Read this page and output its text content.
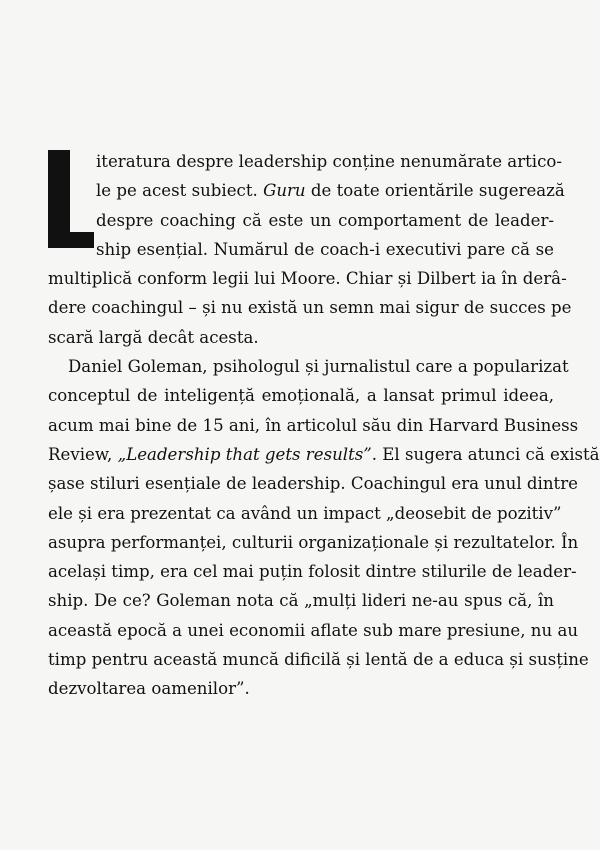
iteratura despre leadership conține nenumărate artico-
le pe acest subiect. Guru de toate orientările sugerează
despre coaching că este un comportament de leader-
ship esențial. Numărul de coach-i executivi pare că se
multiplică conform legii lui Moore. Chiar și Dilbert ia în derâ-
dere coachingul – și nu există un semn mai sigur de succes pe
scară largă decât acesta.
Daniel Goleman, psihologul și jurnalistul care a popularizat
conceptul de inteligență emoțională, a lansat primul ideea,
acum mai bine de 15 ani, în articolul său din Harvard Business
Review, „Leadership that gets results”. El sugera atunci că există
șase stiluri esențiale de leadership. Coachingul era unul dintre
ele și era prezentat ca având un impact „deosebit de pozitiv”
asupra performanței, culturii organizaționale și rezultatelor. În
același timp, era cel mai puțin folosit dintre stilurile de leader-
ship. De ce? Goleman nota că „mulți lideri ne-au spus că, în
această epocă a unei economii aflate sub mare presiune, nu au
timp pentru această muncă dificilă și lentă de a educa și susține
dezvoltarea oamenilor”.
